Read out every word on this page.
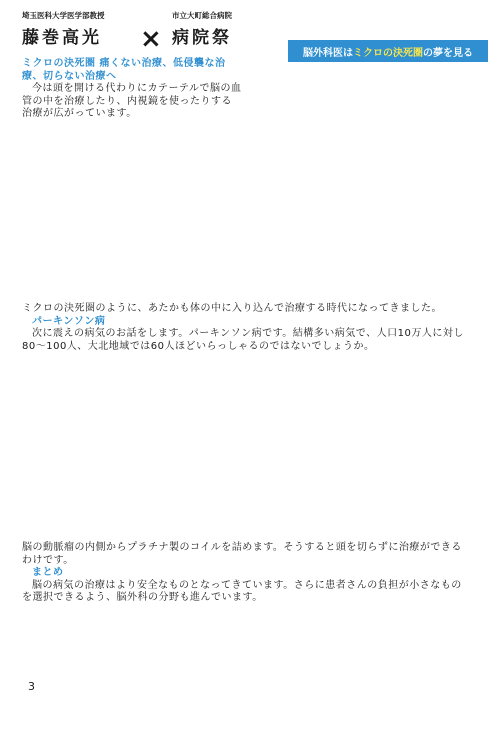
埼玉医科大学医学部教授
藤巻高光	×
市立大町総合病院
病院祭
脳外科医は ミクロの決死圏 の夢を見る

ミクロの決死圏 痛くない治療、低侵襲な治療、切らない治療へ

今は頭を開ける代わりにカテーテルで脳の血管の中を治療したり、内視鏡を使ったりする治療が広がっています。

ミクロの決死圏のように、あたかも体の中に入り込んで治療する時代になってきました。

パーキンソン病

次に震えの病気のお話をします。パーキンソン病です。結構多い病気で、人口10万人に対し80〜100人、大北地域では60人ほどいらっしゃるのではないでしょうか。

脳の動脈瘤の内側からプラチナ製のコイルを詰めます。そうすると頭を切らずに治療ができるわけです。

まとめ

脳の病気の治療はより安全なものとなってきています。さらに患者さんの負担が小さなものを選択できるよう、脳外科の分野も進んでいます。

3
